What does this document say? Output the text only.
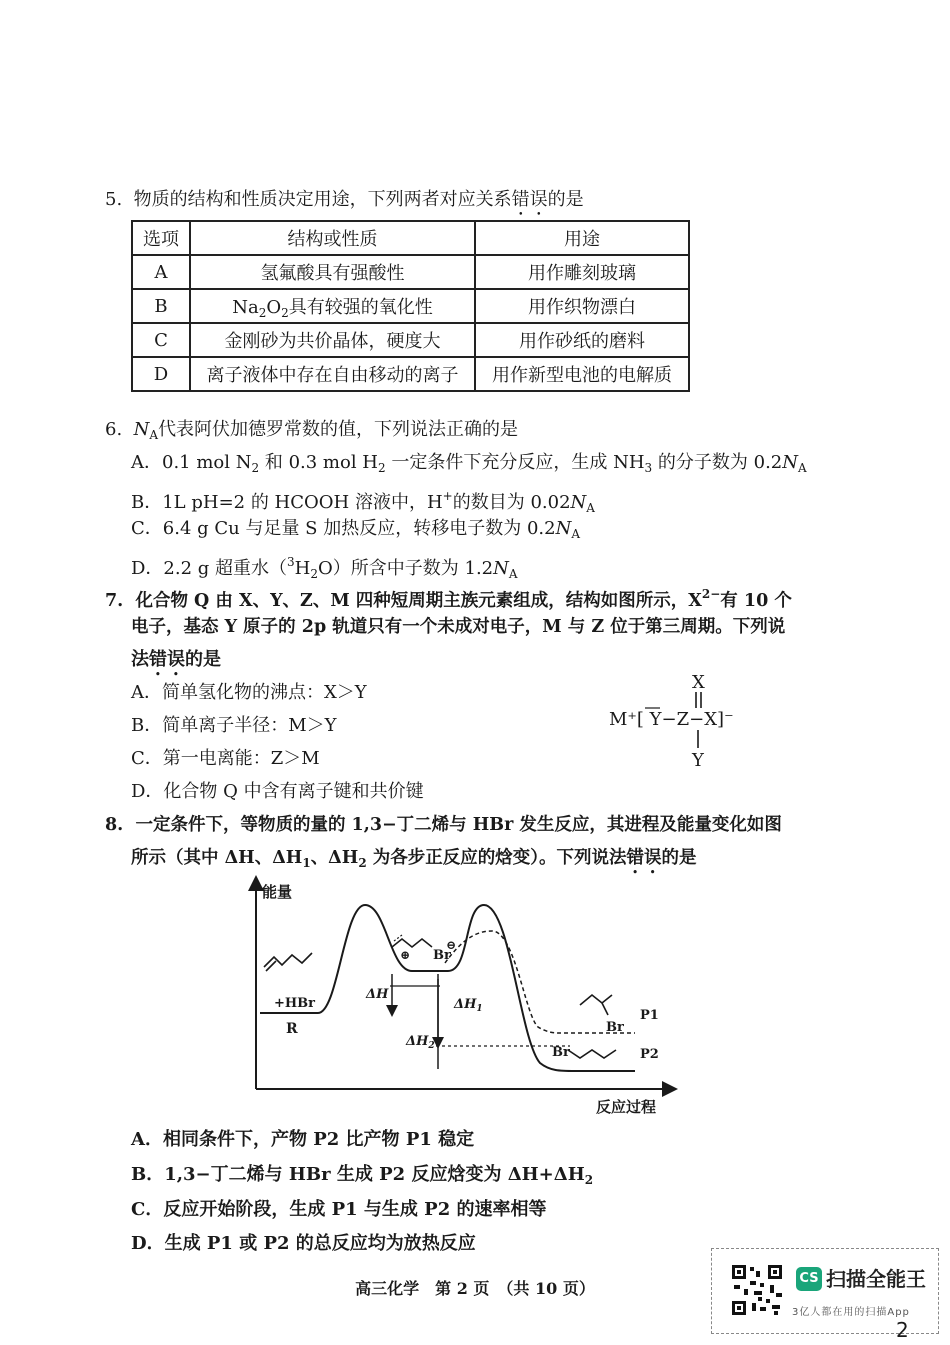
5. 物质的结构和性质决定用途，下列两者对应关系错误的是
选项	结构或性质	用途
A	氢氟酸具有强酸性	用作雕刻玻璃
B	$Na_2O_2$具有较强的氧化性	用作织物漂白
C	金刚砂为共价晶体，硬度大	用作砂纸的磨料
D	离子液体中存在自由移动的离子	用作新型电池的电解质
6. $N_A$代表阿伏加德罗常数的值，下列说法正确的是
A．0.1 mol $N_2$ 和 0.3 mol $H_2$ 一定条件下充分反应，生成 $NH_3$ 的分子数为 $0.2N_A$
B．1L pH=2 的 HCOOH 溶液中，H+的数目为 $0.02N_A$
C．6.4 g Cu 与足量 S 加热反应，转移电子数为 $0.2N_A$
D．2.2 g 超重水$(^3H_2O)$所含中子数为 $1.2N_A$
7. 化合物 Q 由 X、Y、Z、M 四种短周期主族元素组成，结构如图所示，$X^{2-}$有 10 个
电子，基态 Y 原子的 2p 轨道只有一个未成对电子，M 与 Z 位于第三周期。下列说
法错误的是
A．简单氢化物的沸点：X＞Y
B．简单离子半径：M＞Y
C．第一电离能：Z＞M
D．化合物 Q 中含有离子键和共价键
X
M⁺[ Y−Z−X]⁻
Y
8. 一定条件下，等物质的量的 1,3−丁二烯与 HBr 发生反应，其进程及能量变化如图
所示（其中 ΔH、$\Delta H_1$、$\Delta H_2$ 为各步正反应的焓变）。下列说法错误的是
能量
反应过程
+HBr
R
ΔH
$\Delta H_1$
$\Delta H_2$
Br
⊕
⊖
Br
Br
P1
P2
A．相同条件下，产物 P2 比产物 P1 稳定
B．1,3−丁二烯与 HBr 生成 P2 反应焓变为 $\Delta H+\Delta H_2$
C．反应开始阶段，生成 P1 与生成 P2 的速率相等
D．生成 P1 或 P2 的总反应均为放热反应
高三化学　第 2 页　（共 10 页）
CS 扫描全能王
3亿人都在用的扫描App
2
